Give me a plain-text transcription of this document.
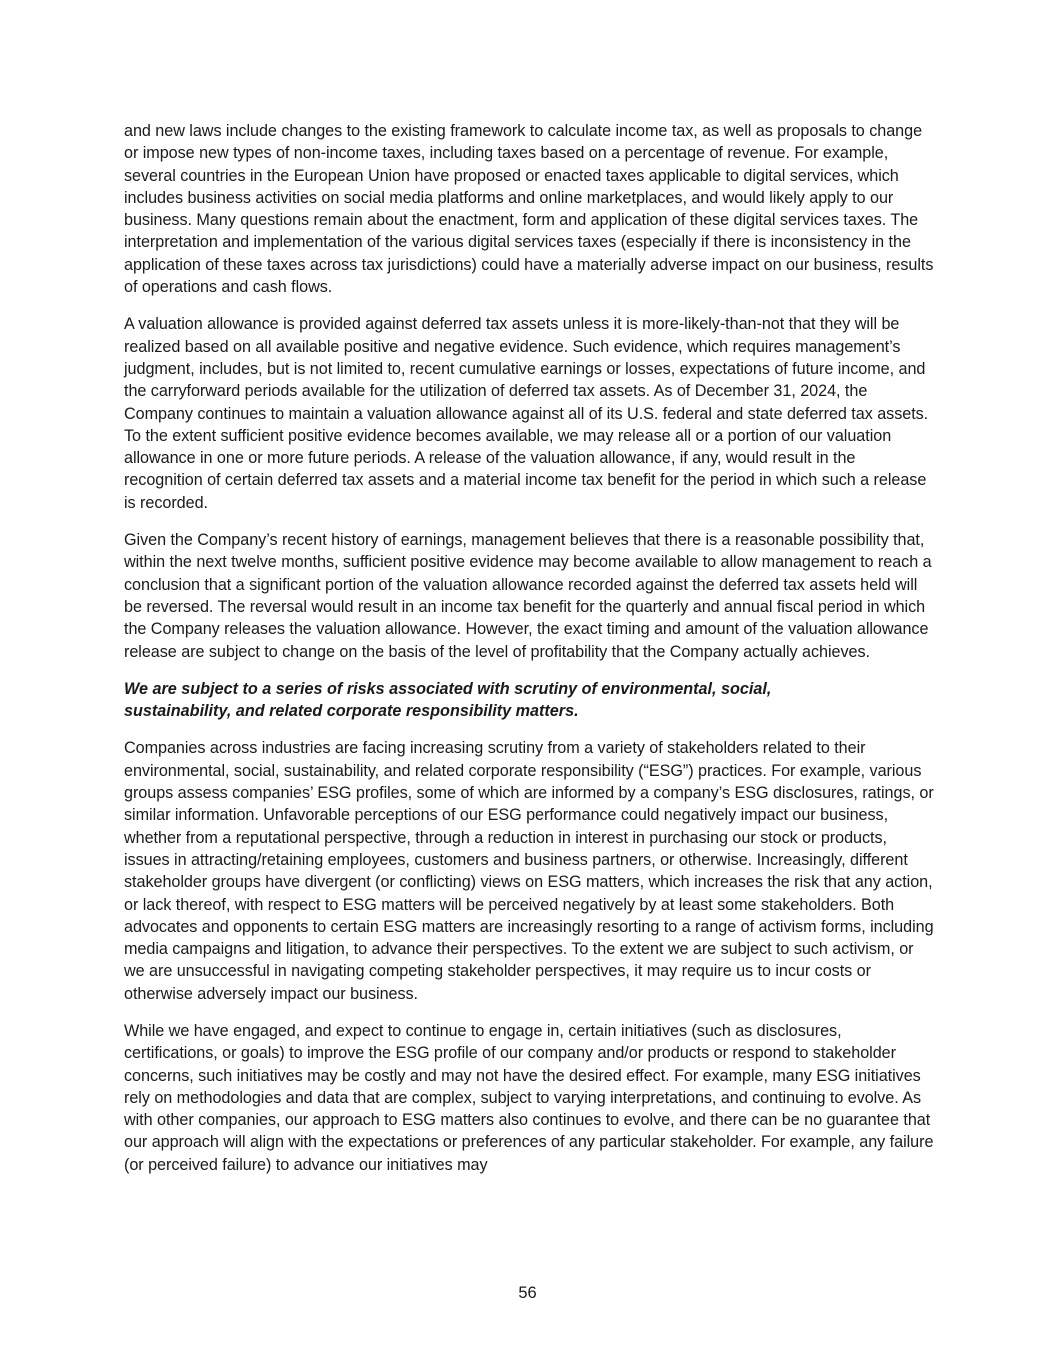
and new laws include changes to the existing framework to calculate income tax, as well as proposals to change or impose new types of non-income taxes, including taxes based on a percentage of revenue. For example, several countries in the European Union have proposed or enacted taxes applicable to digital services, which includes business activities on social media platforms and online marketplaces, and would likely apply to our business. Many questions remain about the enactment, form and application of these digital services taxes. The interpretation and implementation of the various digital services taxes (especially if there is inconsistency in the application of these taxes across tax jurisdictions) could have a materially adverse impact on our business, results of operations and cash flows.

A valuation allowance is provided against deferred tax assets unless it is more-likely-than-not that they will be realized based on all available positive and negative evidence. Such evidence, which requires management’s judgment, includes, but is not limited to, recent cumulative earnings or losses, expectations of future income, and the carryforward periods available for the utilization of deferred tax assets. As of December 31, 2024, the Company continues to maintain a valuation allowance against all of its U.S. federal and state deferred tax assets. To the extent sufficient positive evidence becomes available, we may release all or a portion of our valuation allowance in one or more future periods. A release of the valuation allowance, if any, would result in the recognition of certain deferred tax assets and a material income tax benefit for the period in which such a release is recorded.

Given the Company’s recent history of earnings, management believes that there is a reasonable possibility that, within the next twelve months, sufficient positive evidence may become available to allow management to reach a conclusion that a significant portion of the valuation allowance recorded against the deferred tax assets held will be reversed. The reversal would result in an income tax benefit for the quarterly and annual fiscal period in which the Company releases the valuation allowance. However, the exact timing and amount of the valuation allowance release are subject to change on the basis of the level of profitability that the Company actually achieves.

We are subject to a series of risks associated with scrutiny of environmental, social, sustainability, and related corporate responsibility matters.

Companies across industries are facing increasing scrutiny from a variety of stakeholders related to their environmental, social, sustainability, and related corporate responsibility (“ESG”) practices. For example, various groups assess companies’ ESG profiles, some of which are informed by a company’s ESG disclosures, ratings, or similar information. Unfavorable perceptions of our ESG performance could negatively impact our business, whether from a reputational perspective, through a reduction in interest in purchasing our stock or products, issues in attracting/retaining employees, customers and business partners, or otherwise. Increasingly, different stakeholder groups have divergent (or conflicting) views on ESG matters, which increases the risk that any action, or lack thereof, with respect to ESG matters will be perceived negatively by at least some stakeholders. Both advocates and opponents to certain ESG matters are increasingly resorting to a range of activism forms, including media campaigns and litigation, to advance their perspectives. To the extent we are subject to such activism, or we are unsuccessful in navigating competing stakeholder perspectives, it may require us to incur costs or otherwise adversely impact our business.

While we have engaged, and expect to continue to engage in, certain initiatives (such as disclosures, certifications, or goals) to improve the ESG profile of our company and/or products or respond to stakeholder concerns, such initiatives may be costly and may not have the desired effect. For example, many ESG initiatives rely on methodologies and data that are complex, subject to varying interpretations, and continuing to evolve. As with other companies, our approach to ESG matters also continues to evolve, and there can be no guarantee that our approach will align with the expectations or preferences of any particular stakeholder. For example, any failure (or perceived failure) to advance our initiatives may

56
